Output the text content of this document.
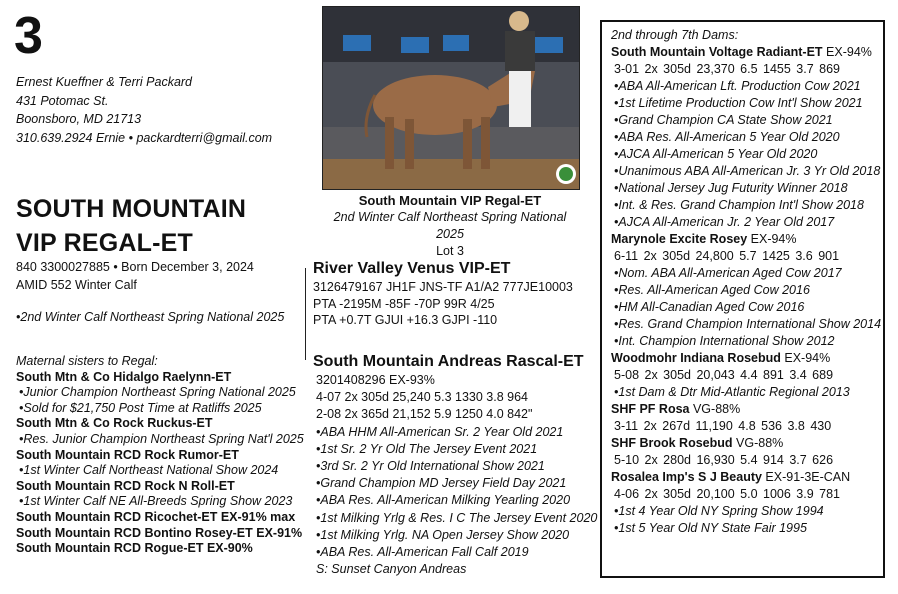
3
Ernest Kueffner & Terri Packard
431 Potomac St.
Boonsboro, MD 21713
310.639.2924 Ernie • packardterri@gmail.com
SOUTH MOUNTAIN
VIP REGAL-ET
840 3300027885 • Born December 3, 2024
AMID 552 Winter Calf
•2nd Winter Calf Northeast Spring National 2025
Maternal sisters to Regal:
South Mtn & Co Hidalgo Raelynn-ET
•Junior Champion Northeast Spring National 2025
•Sold for $21,750 Post Time at Ratliffs 2025
South Mtn & Co Rock Ruckus-ET
•Res. Junior Champion Northeast Spring Nat'l 2025
South Mountain RCD Rock Rumor-ET
•1st Winter Calf Northeast National Show 2024
South Mountain RCD Rock N Roll-ET
•1st Winter Calf NE All-Breeds Spring Show 2023
South Mountain RCD Ricochet-ET EX-91% max
South Mountain RCD Bontino Rosey-ET EX-91%
South Mountain RCD Rogue-ET EX-90%
South Mountain VIP Regal-ET
2nd Winter Calf Northeast Spring National 2025
Lot 3
River Valley Venus VIP-ET
3126479167 JH1F JNS-TF A1/A2 777JE10003
PTA -2195M -85F -70P 99R 4/25
PTA +0.7T GJUI +16.3 GJPI -110
South Mountain Andreas Rascal-ET
3201408296 EX-93%
4-07 2x 305d 25,240 5.3 1330 3.8 964
2-08 2x 365d 21,152 5.9 1250 4.0 842"
•ABA HHM All-American Sr. 2 Year Old 2021
•1st Sr. 2 Yr Old The Jersey Event 2021
•3rd Sr. 2 Yr Old International Show 2021
•Grand Champion MD Jersey Field Day 2021
•ABA Res. All-American Milking Yearling 2020
•1st Milking Yrlg & Res. I C The Jersey Event 2020
•1st Milking Yrlg. NA Open Jersey Show 2020
•ABA Res. All-American Fall Calf 2019
S: Sunset Canyon Andreas
2nd through 7th Dams:
South Mountain Voltage Radiant-ET EX-94%
3-01 2x 305d 23,370 6.5 1455 3.7 869
•ABA All-American Lft. Production Cow 2021
•1st Lifetime Production Cow Int'l Show 2021
•Grand Champion CA State Show 2021
•ABA Res. All-American 5 Year Old 2020
•AJCA All-American 5 Year Old 2020
•Unanimous ABA All-American Jr. 3 Yr Old 2018
•National Jersey Jug Futurity Winner 2018
•Int. & Res. Grand Champion Int'l Show 2018
•AJCA All-American Jr. 2 Year Old 2017
Marynole Excite Rosey EX-94%
6-11 2x 305d 24,800 5.7 1425 3.6 901
•Nom. ABA All-American Aged Cow 2017
•Res. All-American Aged Cow 2016
•HM All-Canadian Aged Cow 2016
•Res. Grand Champion International Show 2014
•Int. Champion International Show 2012
Woodmohr Indiana Rosebud EX-94%
5-08 2x 305d 20,043 4.4 891 3.4 689
•1st Dam & Dtr Mid-Atlantic Regional 2013
SHF PF Rosa VG-88%
3-11 2x 267d 11,190 4.8 536 3.8 430
SHF Brook Rosebud VG-88%
5-10 2x 280d 16,930 5.4 914 3.7 626
Rosalea Imp's S J Beauty EX-91-3E-CAN
4-06 2x 305d 20,100 5.0 1006 3.9 781
•1st 4 Year Old NY Spring Show 1994
•1st 5 Year Old NY State Fair 1995
